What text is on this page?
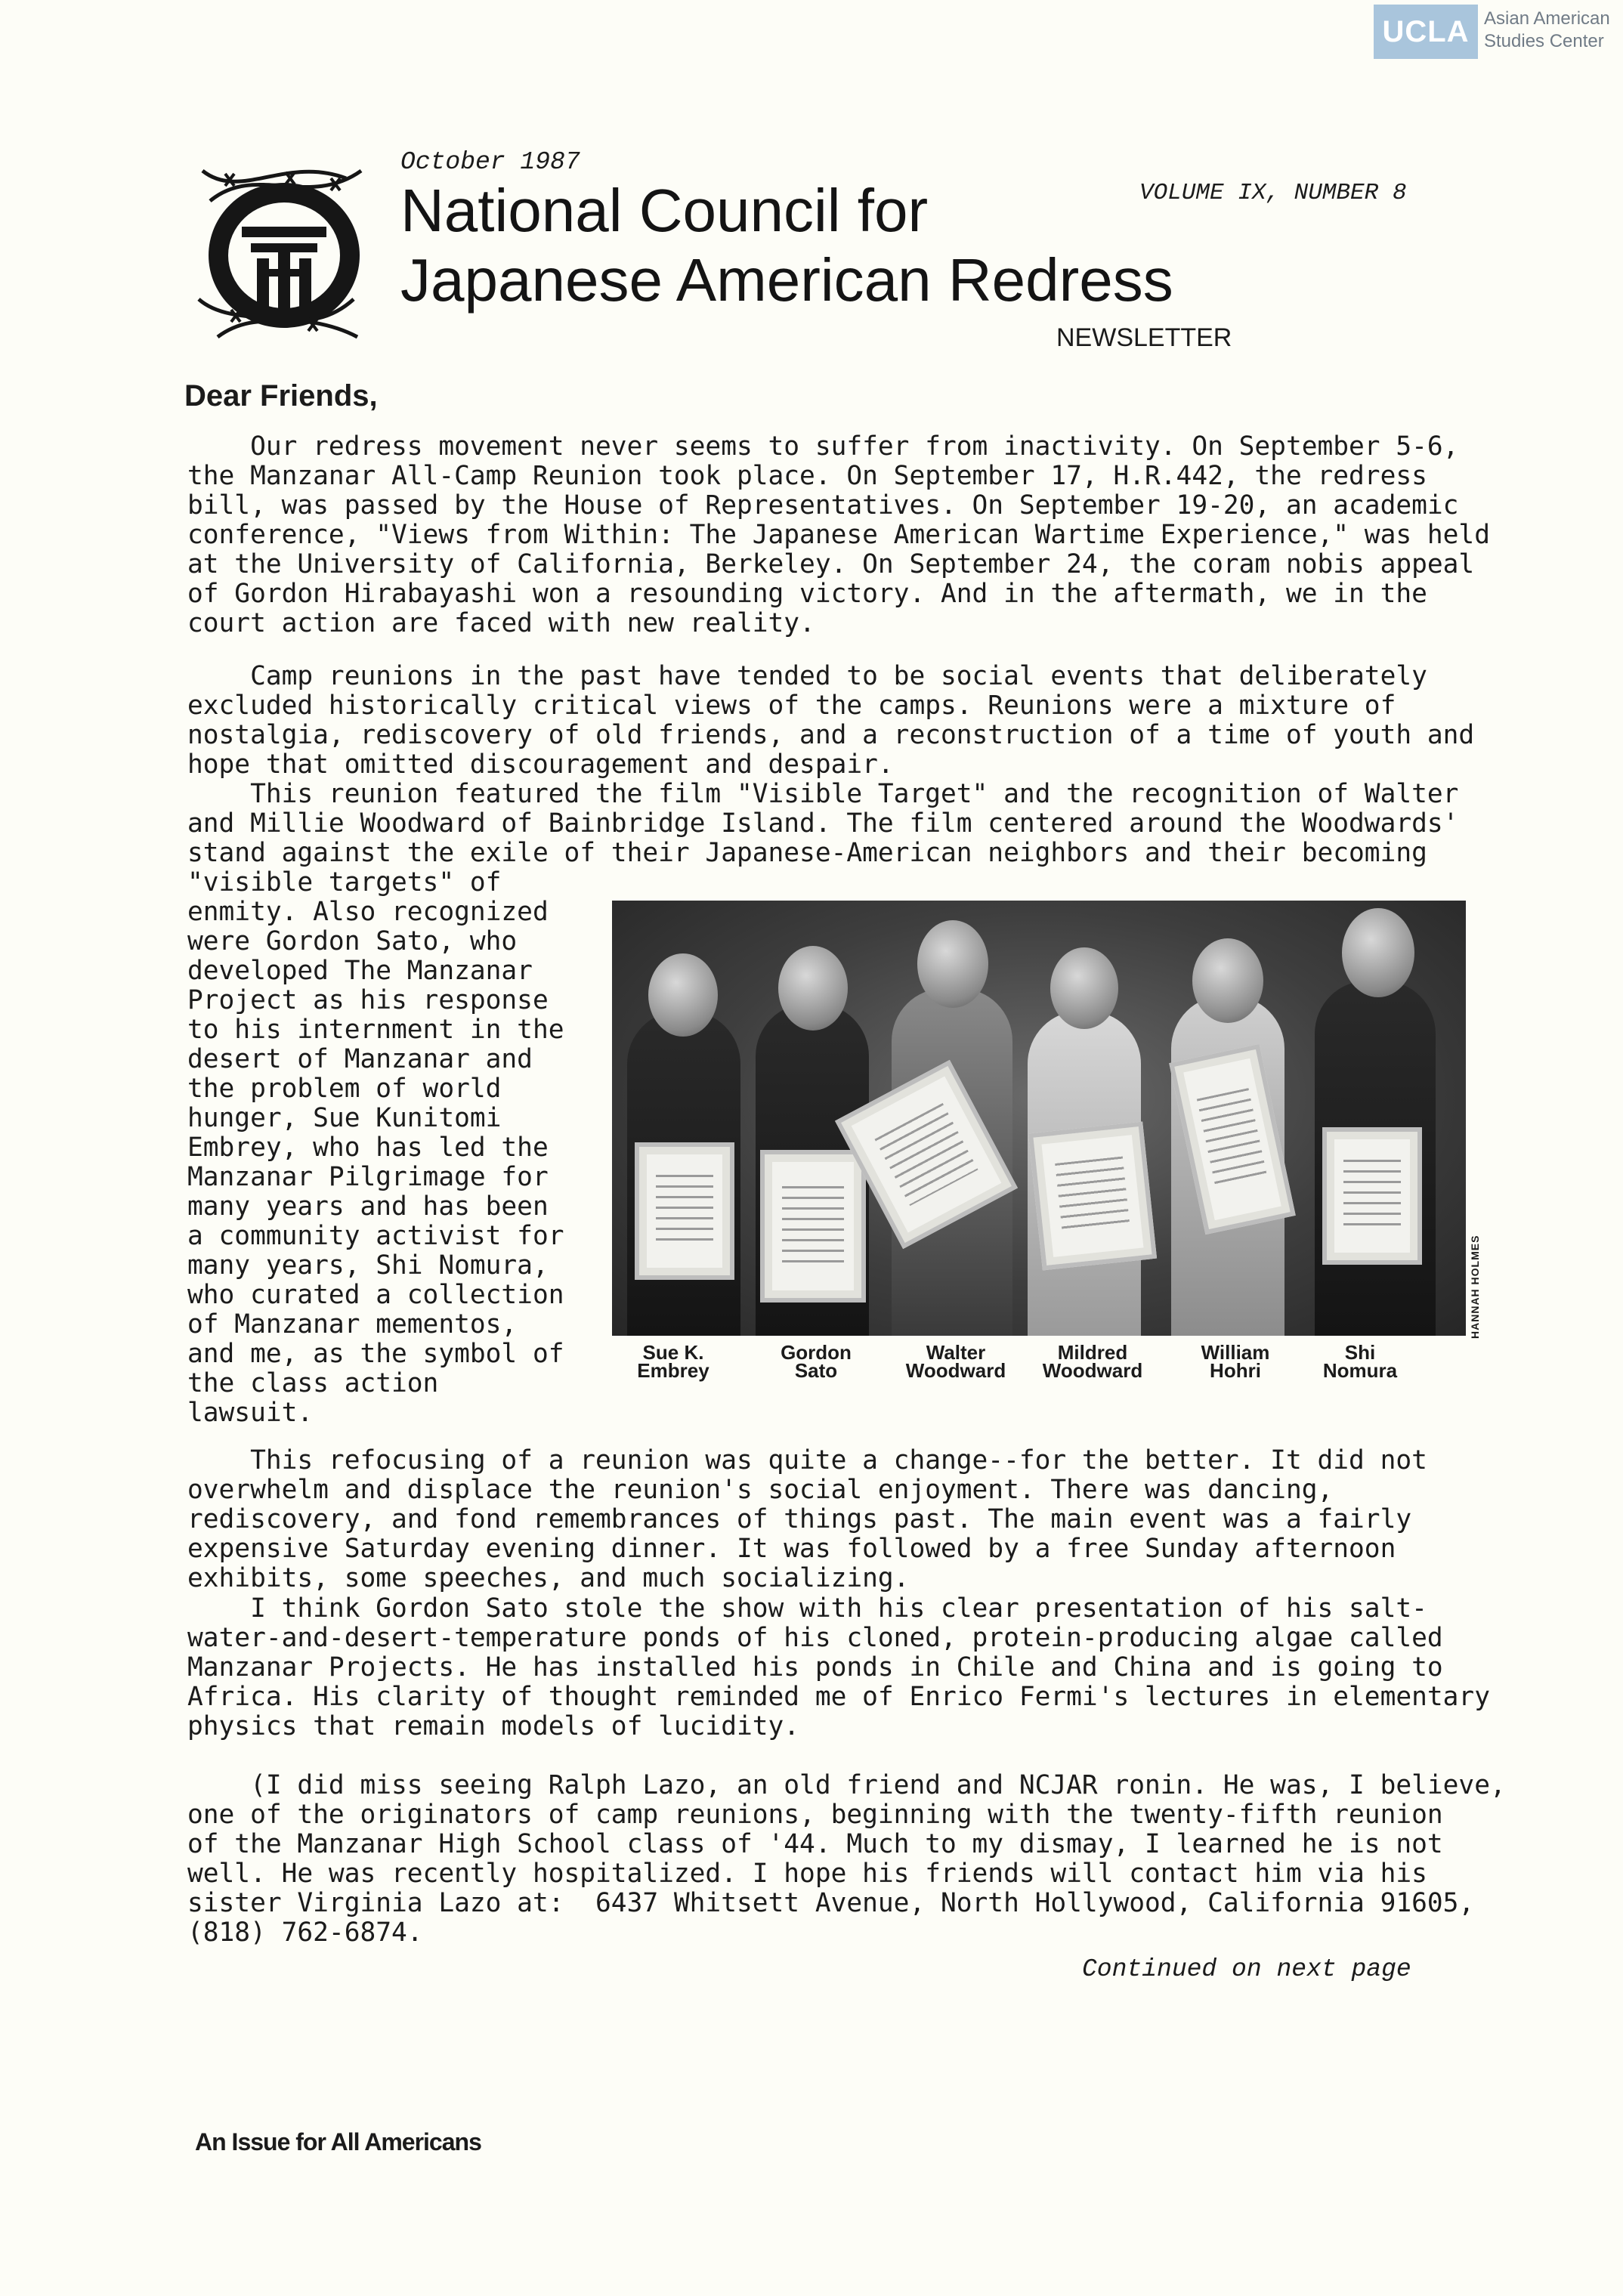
UCLA Asian American
Studies Center
October 1987
National Council for
Japanese American Redress
VOLUME IX, NUMBER 8
NEWSLETTER
Dear Friends,
Our redress movement never seems to suffer from inactivity. On September 5-6,
the Manzanar All-Camp Reunion took place. On September 17, H.R.442, the redress
bill, was passed by the House of Representatives. On September 19-20, an academic
conference, "Views from Within: The Japanese American Wartime Experience," was held
at the University of California, Berkeley. On September 24, the coram nobis appeal
of Gordon Hirabayashi won a resounding victory. And in the aftermath, we in the
court action are faced with new reality.
Camp reunions in the past have tended to be social events that deliberately
excluded historically critical views of the camps. Reunions were a mixture of
nostalgia, rediscovery of old friends, and a reconstruction of a time of youth and
hope that omitted discouragement and despair.
This reunion featured the film "Visible Target" and the recognition of Walter
and Millie Woodward of Bainbridge Island. The film centered around the Woodwards'
stand against the exile of their Japanese-American neighbors and their becoming
"visible targets" of
enmity. Also recognized
were Gordon Sato, who
developed The Manzanar
Project as his response
to his internment in the
desert of Manzanar and
the problem of world
hunger, Sue Kunitomi
Embrey, who has led the
Manzanar Pilgrimage for
many years and has been
a community activist for
many years, Shi Nomura,
who curated a collection
of Manzanar mementos,
and me, as the symbol of
the class action
lawsuit.
HANNAH HOLMES
Sue K.
Embrey
Gordon
Sato
Walter
Woodward
Mildred
Woodward
William
Hohri
Shi
Nomura
This refocusing of a reunion was quite a change--for the better. It did not
overwhelm and displace the reunion's social enjoyment. There was dancing,
rediscovery, and fond remembrances of things past. The main event was a fairly
expensive Saturday evening dinner. It was followed by a free Sunday afternoon
exhibits, some speeches, and much socializing.
I think Gordon Sato stole the show with his clear presentation of his salt-
water-and-desert-temperature ponds of his cloned, protein-producing algae called
Manzanar Projects. He has installed his ponds in Chile and China and is going to
Africa. His clarity of thought reminded me of Enrico Fermi's lectures in elementary
physics that remain models of lucidity.
(I did miss seeing Ralph Lazo, an old friend and NCJAR ronin. He was, I believe,
one of the originators of camp reunions, beginning with the twenty-fifth reunion
of the Manzanar High School class of '44. Much to my dismay, I learned he is not
well. He was recently hospitalized. I hope his friends will contact him via his
sister Virginia Lazo at:  6437 Whitsett Avenue, North Hollywood, California 91605,
(818) 762-6874.
Continued on next page
An Issue for All Americans
